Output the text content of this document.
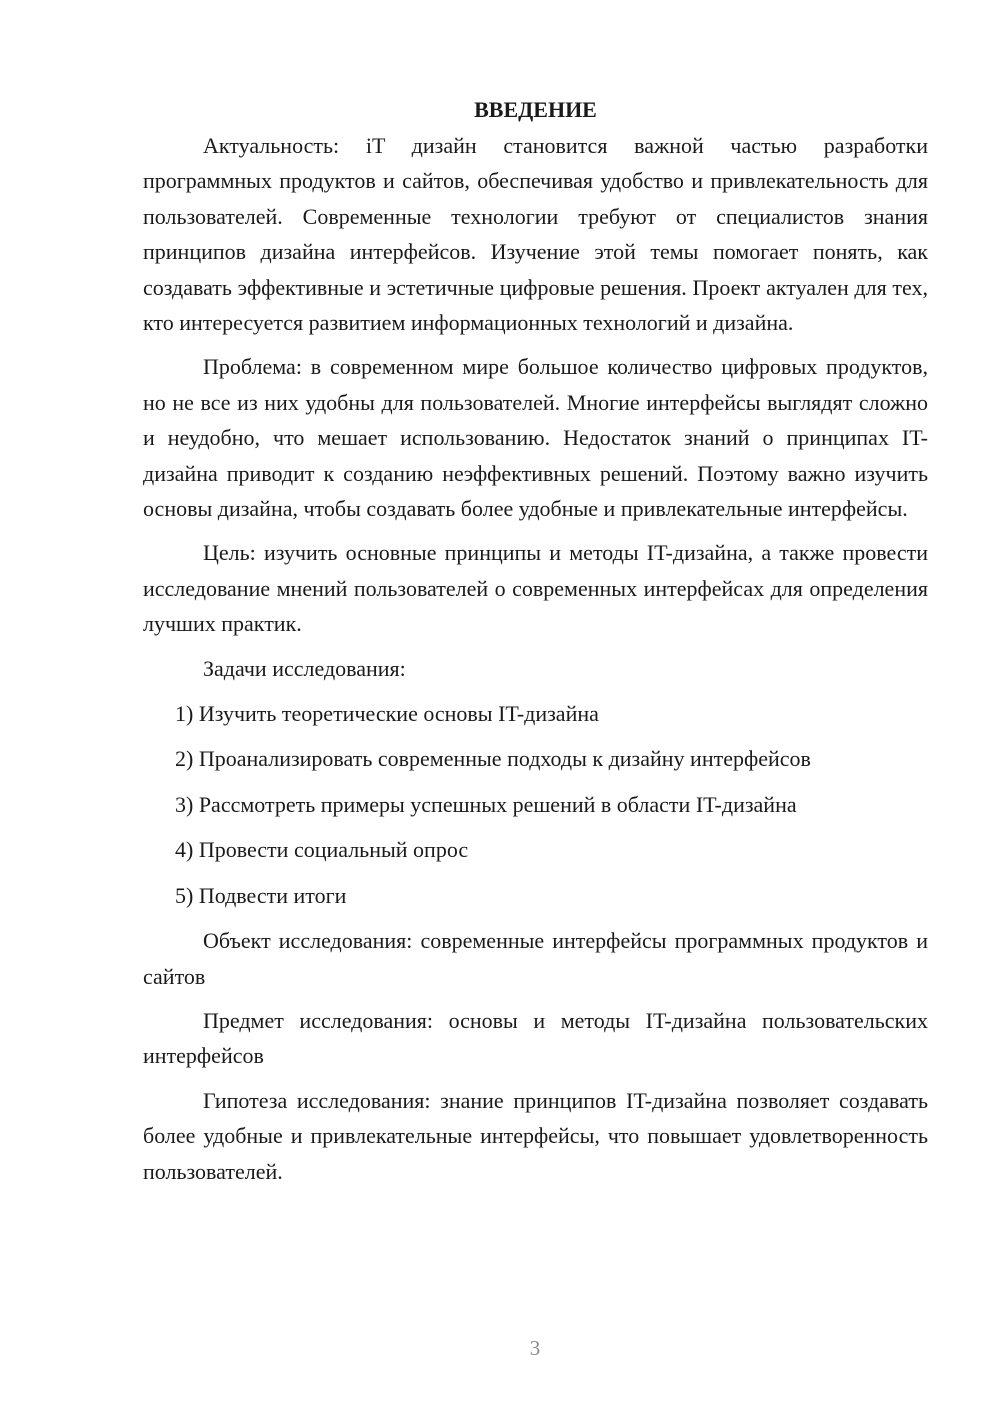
ВВЕДЕНИЕ

Актуальность: iT дизайн становится важной частью разработки программных продуктов и сайтов, обеспечивая удобство и привлекательность для пользователей. Современные технологии требуют от специалистов знания принципов дизайна интерфейсов. Изучение этой темы помогает понять, как создавать эффективные и эстетичные цифровые решения. Проект актуален для тех, кто интересуется развитием информационных технологий и дизайна.

Проблема: в современном мире большое количество цифровых продуктов, но не все из них удобны для пользователей. Многие интерфейсы выглядят сложно и неудобно, что мешает использованию. Недостаток знаний о принципах IT-дизайна приводит к созданию неэффективных решений. Поэтому важно изучить основы дизайна, чтобы создавать более удобные и привлекательные интерфейсы.

Цель: изучить основные принципы и методы IT-дизайна, а также провести исследование мнений пользователей о современных интерфейсах для определения лучших практик.

Задачи исследования:
1) Изучить теоретические основы IT-дизайна
2) Проанализировать современные подходы к дизайну интерфейсов
3) Рассмотреть примеры успешных решений в области IT-дизайна
4) Провести социальный опрос
5) Подвести итоги

Объект исследования: современные интерфейсы программных продуктов и сайтов

Предмет исследования: основы и методы IT-дизайна пользовательских интерфейсов

Гипотеза исследования: знание принципов IT-дизайна позволяет создавать более удобные и привлекательные интерфейсы, что повышает удовлетворенность пользователей.

3
